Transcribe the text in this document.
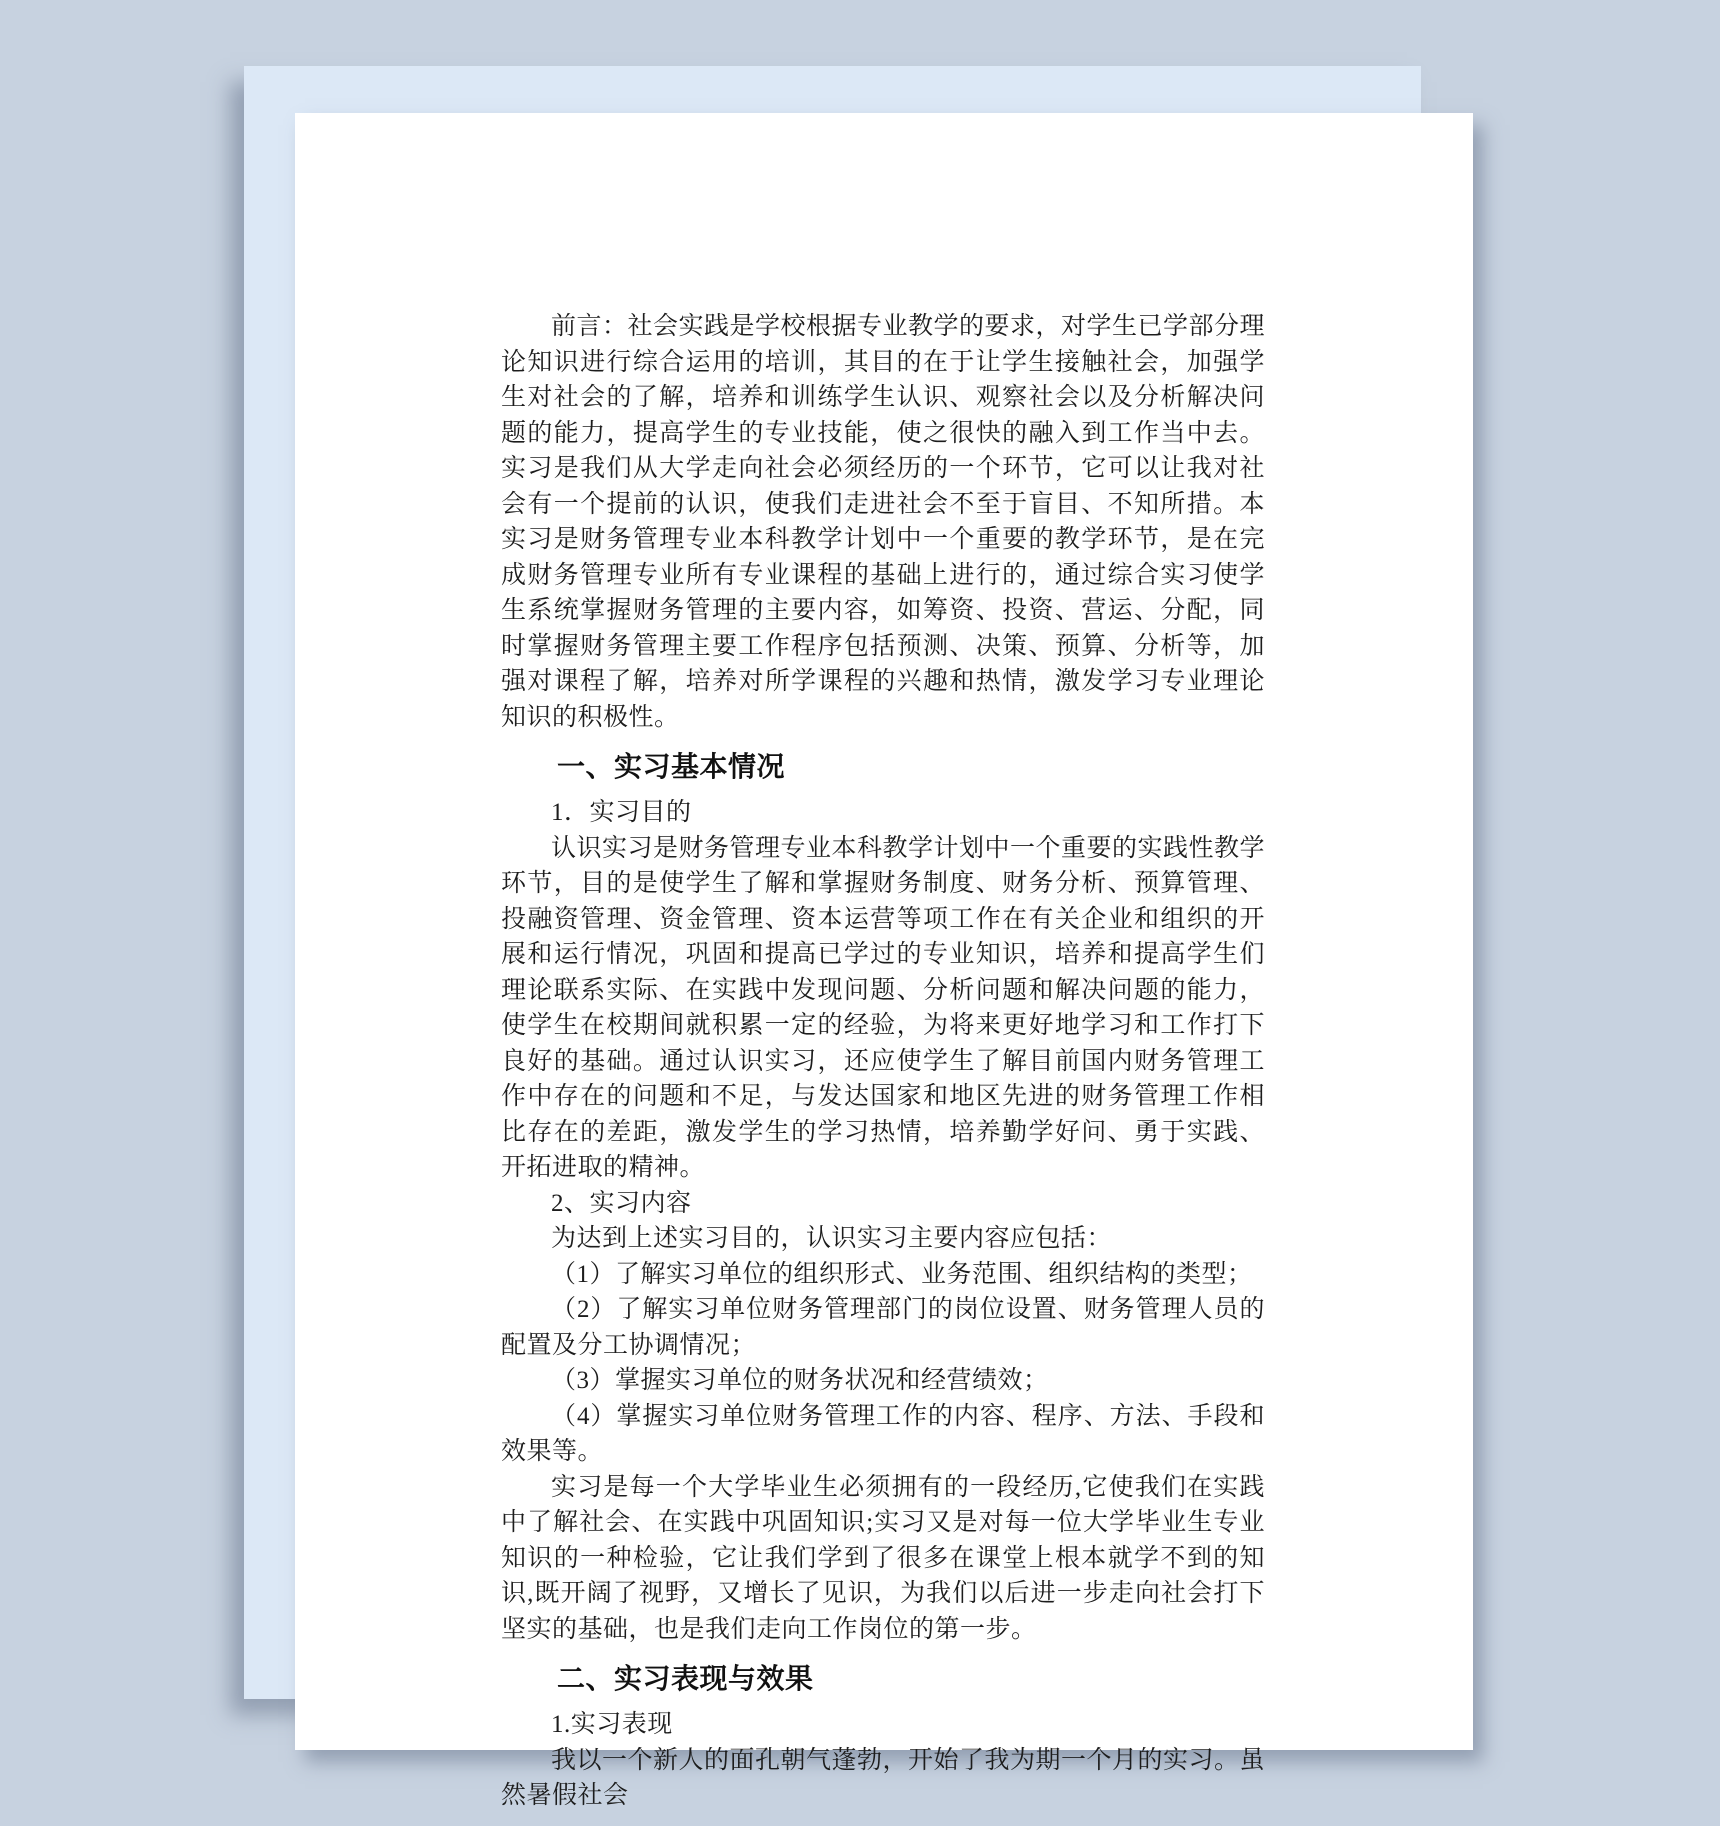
前言：社会实践是学校根据专业教学的要求，对学生已学部分理论知识进行综合运用的培训，其目的在于让学生接触社会，加强学生对社会的了解，培养和训练学生认识、观察社会以及分析解决问题的能力，提高学生的专业技能，使之很快的融入到工作当中去。实习是我们从大学走向社会必须经历的一个环节，它可以让我对社会有一个提前的认识，使我们走进社会不至于盲目、不知所措。本实习是财务管理专业本科教学计划中一个重要的教学环节，是在完成财务管理专业所有专业课程的基础上进行的，通过综合实习使学生系统掌握财务管理的主要内容，如筹资、投资、营运、分配，同时掌握财务管理主要工作程序包括预测、决策、预算、分析等，加强对课程了解，培养对所学课程的兴趣和热情，激发学习专业理论知识的积极性。

一、实习基本情况

1．实习目的

认识实习是财务管理专业本科教学计划中一个重要的实践性教学环节，目的是使学生了解和掌握财务制度、财务分析、预算管理、投融资管理、资金管理、资本运营等项工作在有关企业和组织的开展和运行情况，巩固和提高已学过的专业知识，培养和提高学生们理论联系实际、在实践中发现问题、分析问题和解决问题的能力，使学生在校期间就积累一定的经验，为将来更好地学习和工作打下良好的基础。通过认识实习，还应使学生了解目前国内财务管理工作中存在的问题和不足，与发达国家和地区先进的财务管理工作相比存在的差距，激发学生的学习热情，培养勤学好问、勇于实践、开拓进取的精神。

2、实习内容

为达到上述实习目的，认识实习主要内容应包括：

（1）了解实习单位的组织形式、业务范围、组织结构的类型；

（2）了解实习单位财务管理部门的岗位设置、财务管理人员的配置及分工协调情况；

（3）掌握实习单位的财务状况和经营绩效；

（4）掌握实习单位财务管理工作的内容、程序、方法、手段和效果等。

实习是每一个大学毕业生必须拥有的一段经历,它使我们在实践中了解社会、在实践中巩固知识;实习又是对每一位大学毕业生专业知识的一种检验，它让我们学到了很多在课堂上根本就学不到的知识,既开阔了视野，又增长了见识，为我们以后进一步走向社会打下坚实的基础，也是我们走向工作岗位的第一步。

二、实习表现与效果

1.实习表现

我以一个新人的面孔朝气蓬勃，开始了我为期一个月的实习。虽然暑假社会
